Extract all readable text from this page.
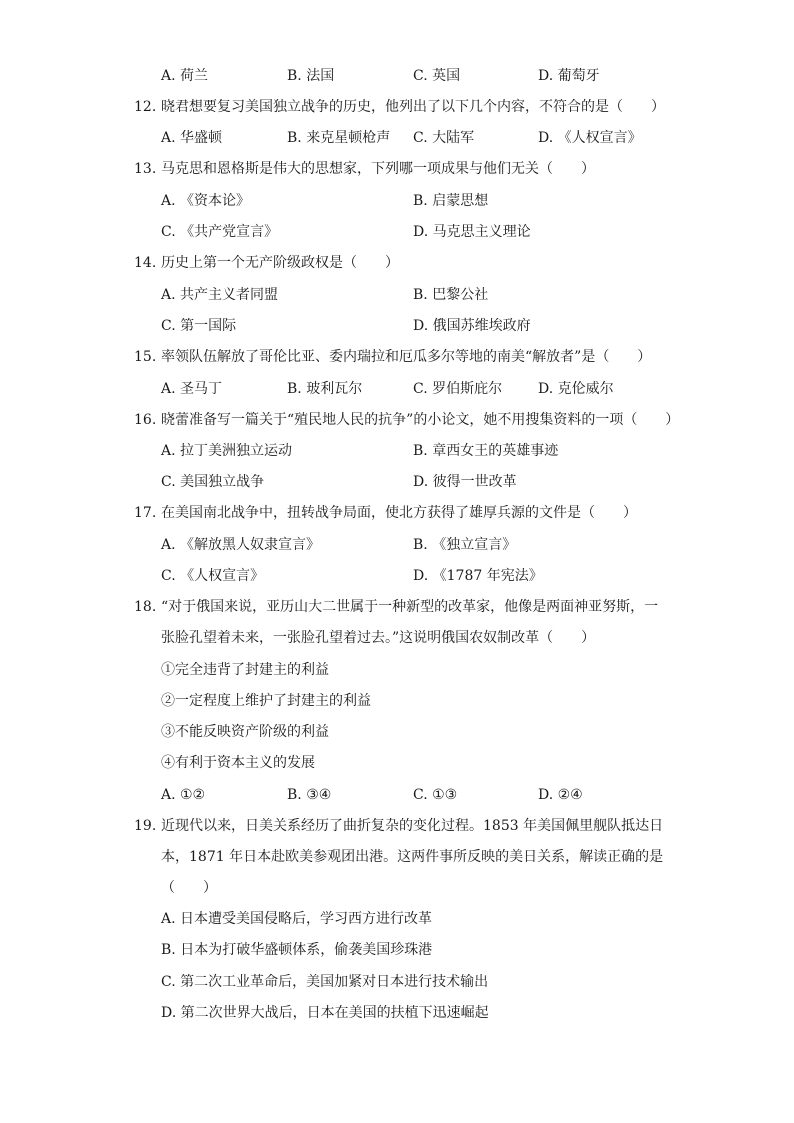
A. 荷兰	B. 法国	C. 英国	D. 葡萄牙
12. 晓君想要复习美国独立战争的历史，他列出了以下几个内容，不符合的是（　　）
A. 华盛顿	B. 来克星顿枪声 C. 大陆军	D. 《人权宣言》
13. 马克思和恩格斯是伟大的思想家，下列哪一项成果与他们无关（　　）
A. 《资本论》	B. 启蒙思想
C. 《共产党宣言》	D. 马克思主义理论
14. 历史上第一个无产阶级政权是（　　）
A. 共产主义者同盟	B. 巴黎公社
C. 第一国际	D. 俄国苏维埃政府
15. 率领队伍解放了哥伦比亚、委内瑞拉和厄瓜多尔等地的南美“解放者”是（　　）
A. 圣马丁	B. 玻利瓦尔	C. 罗伯斯庇尔	D. 克伦威尔
16. 晓蕾准备写一篇关于“殖民地人民的抗争”的小论文，她不用搜集资料的一项（　　）
A. 拉丁美洲独立运动	B. 章西女王的英雄事迹
C. 美国独立战争	D. 彼得一世改革
17. 在美国南北战争中，扭转战争局面，使北方获得了雄厚兵源的文件是（　　）
A. 《解放黑人奴隶宣言》	B. 《独立宣言》
C. 《人权宣言》	D. 《1787 年宪法》
18. “对于俄国来说，亚历山大二世属于一种新型的改革家，他像是两面神亚努斯，一
张脸孔望着未来，一张脸孔望着过去。”这说明俄国农奴制改革（　　）
①完全违背了封建主的利益
②一定程度上维护了封建主的利益
③不能反映资产阶级的利益
④有利于资本主义的发展
A. ①②	B. ③④	C. ①③	D. ②④
19. 近现代以来，日美关系经历了曲折复杂的变化过程。1853 年美国佩里舰队抵达日
本，1871 年日本赴欧美参观团出港。这两件事所反映的美日关系，解读正确的是
（　　）
A. 日本遭受美国侵略后，学习西方进行改革
B. 日本为打破华盛顿体系，偷袭美国珍珠港
C. 第二次工业革命后，美国加紧对日本进行技术输出
D. 第二次世界大战后，日本在美国的扶植下迅速崛起
